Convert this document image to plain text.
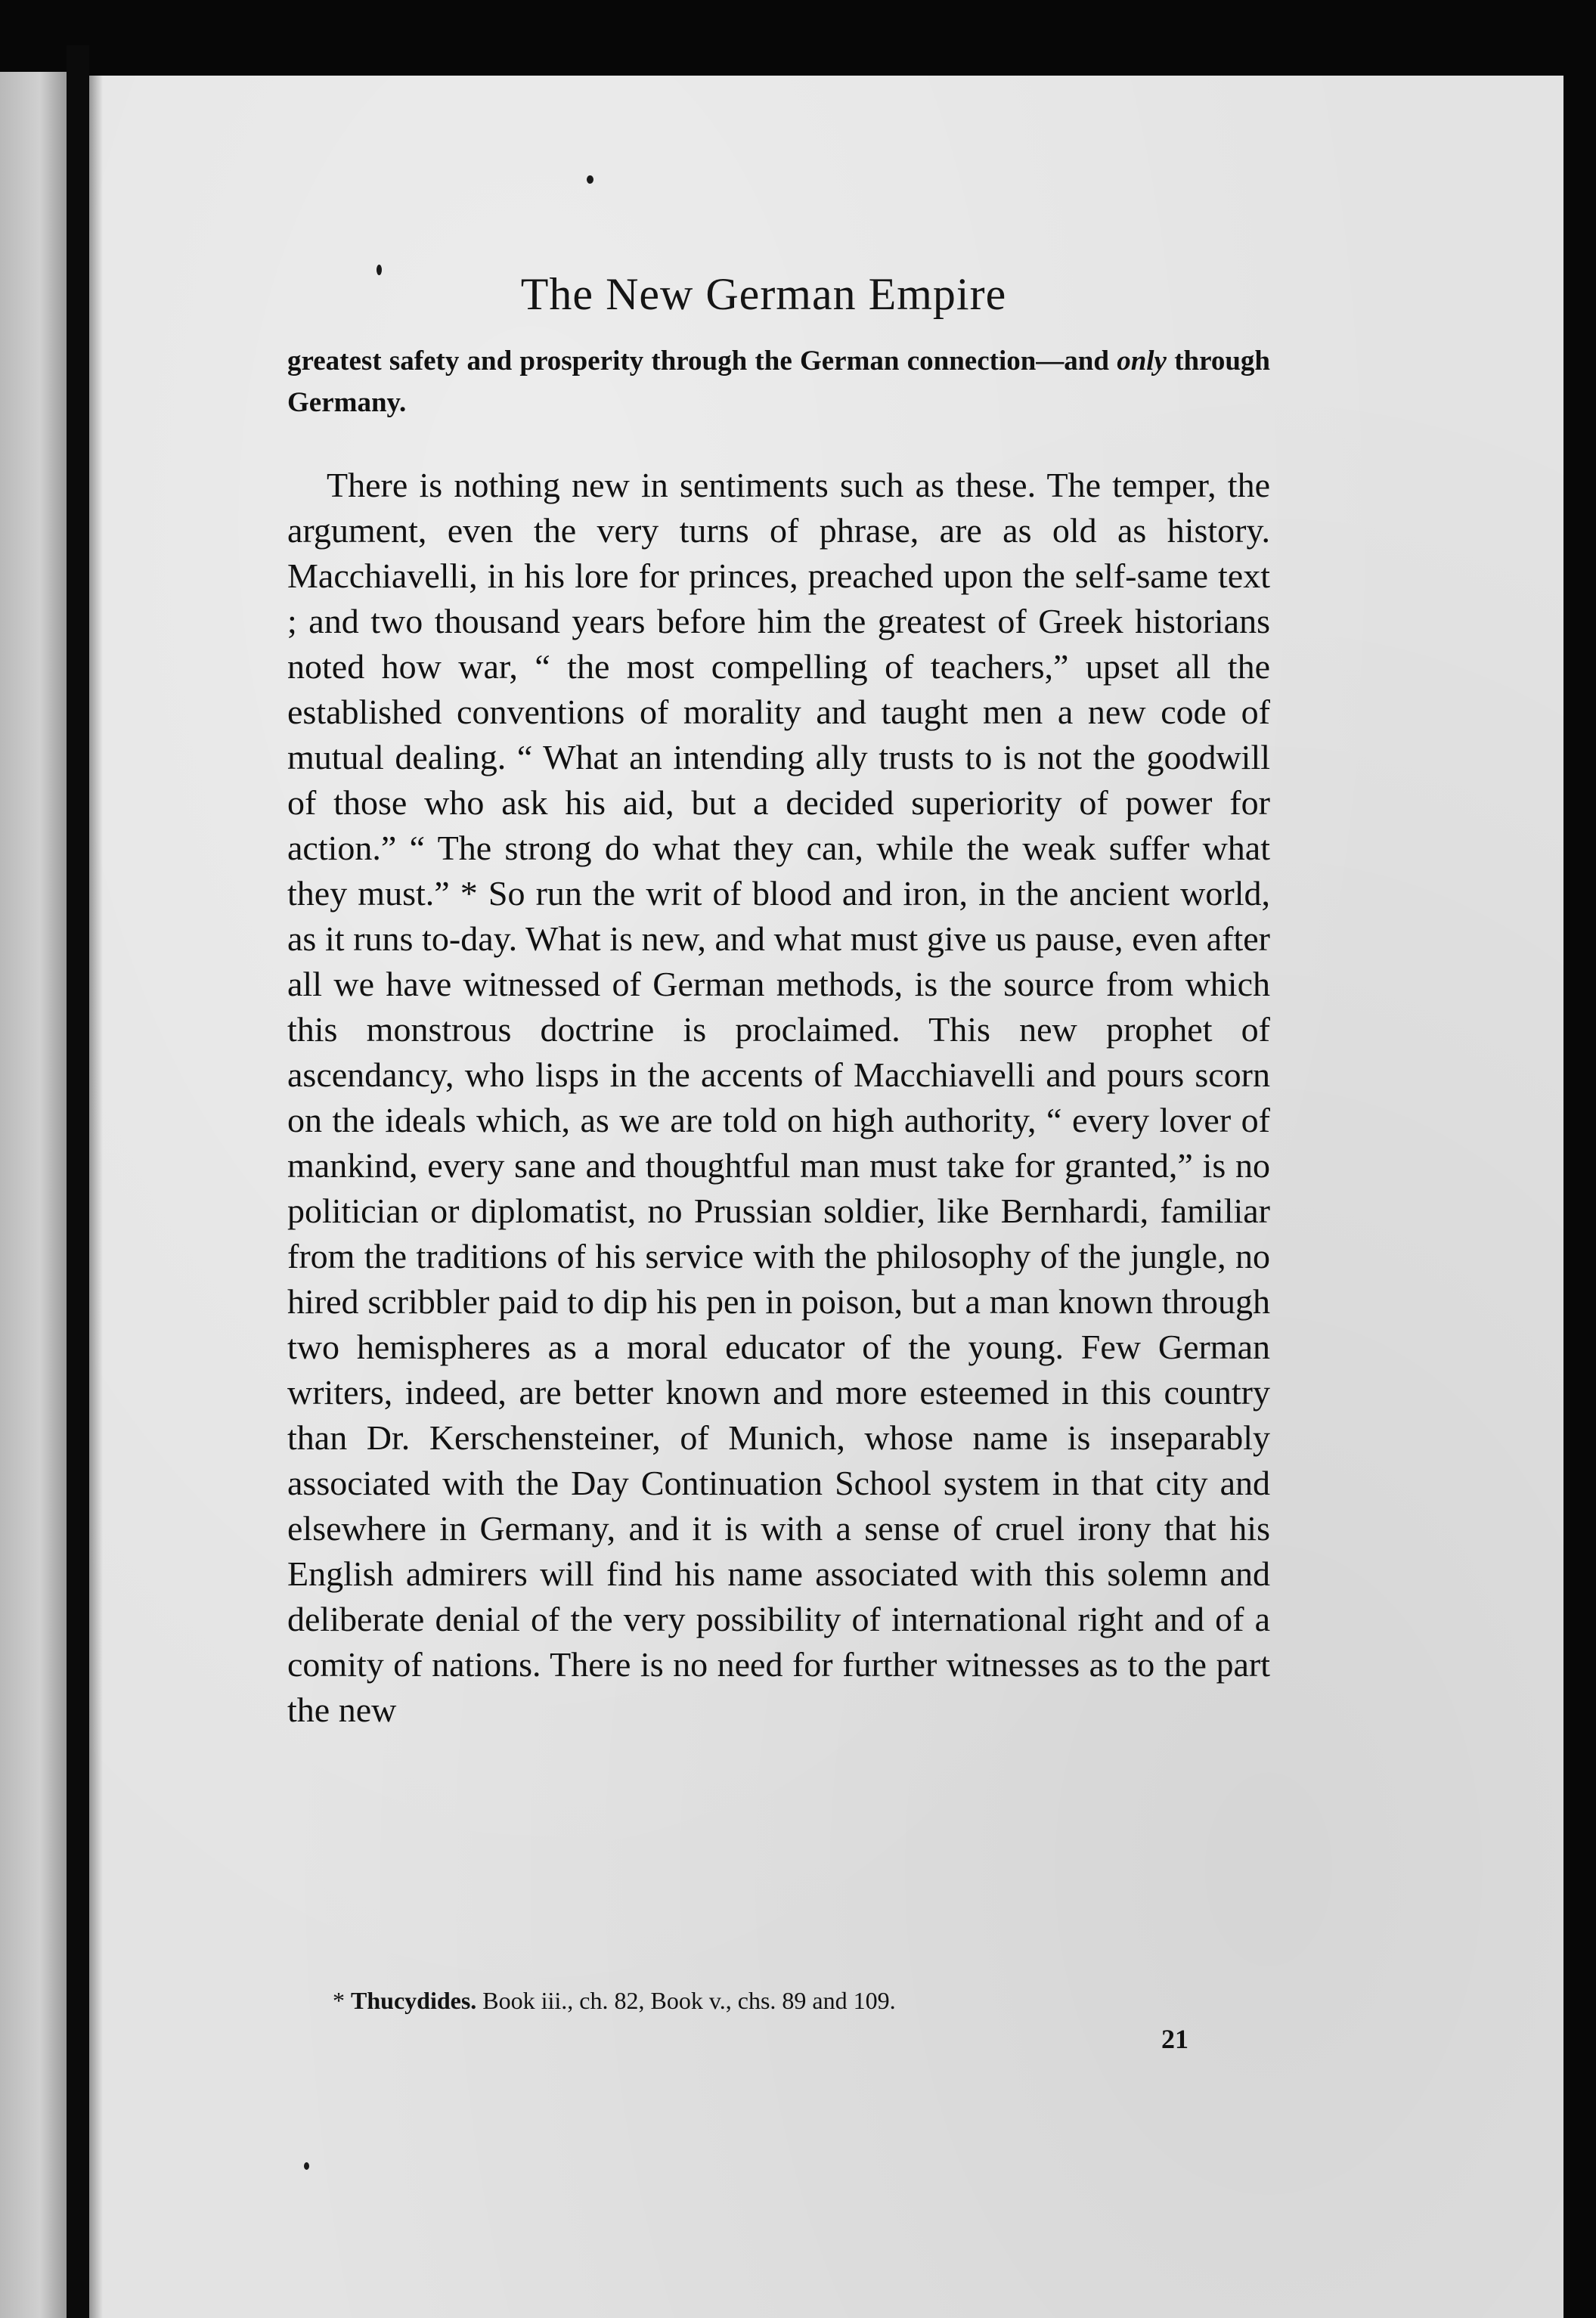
The New German Empire

greatest safety and prosperity through the German connection—and only through Germany.

There is nothing new in sentiments such as these. The temper, the argument, even the very turns of phrase, are as old as history. Macchiavelli, in his lore for princes, preached upon the self-same text ; and two thousand years before him the greatest of Greek historians noted how war, “ the most compelling of teachers,” upset all the established conventions of morality and taught men a new code of mutual dealing. “ What an intending ally trusts to is not the goodwill of those who ask his aid, but a decided superiority of power for action.” “ The strong do what they can, while the weak suffer what they must.” * So run the writ of blood and iron, in the ancient world, as it runs to-day. What is new, and what must give us pause, even after all we have witnessed of German methods, is the source from which this monstrous doctrine is proclaimed. This new prophet of ascendancy, who lisps in the accents of Macchiavelli and pours scorn on the ideals which, as we are told on high authority, “ every lover of mankind, every sane and thoughtful man must take for granted,” is no politician or diplomatist, no Prussian soldier, like Bernhardi, familiar from the traditions of his service with the philosophy of the jungle, no hired scribbler paid to dip his pen in poison, but a man known through two hemispheres as a moral educator of the young. Few German writers, indeed, are better known and more esteemed in this country than Dr. Kerschensteiner, of Munich, whose name is inseparably associated with the Day Continuation School system in that city and elsewhere in Germany, and it is with a sense of cruel irony that his English admirers will find his name associated with this solemn and deliberate denial of the very possibility of international right and of a comity of nations. There is no need for further witnesses as to the part the new

* Thucydides. Book iii., ch. 82, Book v., chs. 89 and 109.

21
